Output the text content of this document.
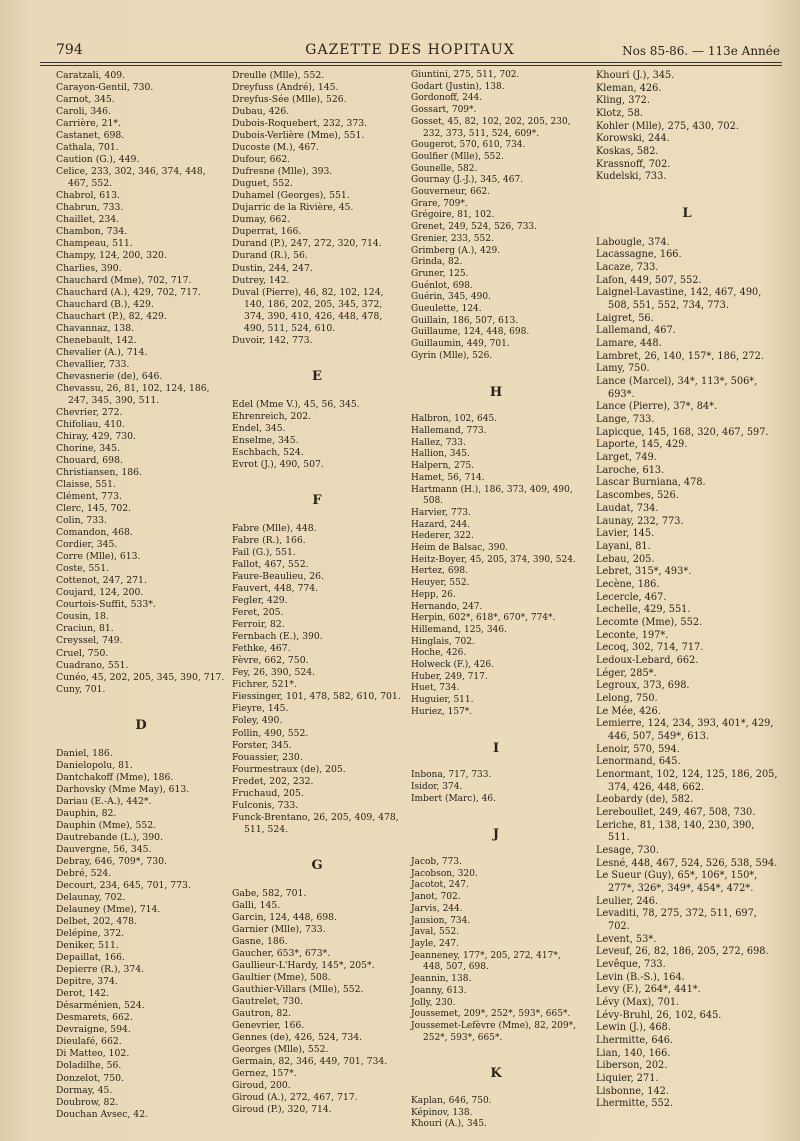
794	GAZETTE DES HOPITAUX	Nos 85-86. — 113e Année
Caratzali, 409.
Carayon-Gentil, 730.
Carnot, 345.
Caroli, 346.
Carrière, 21*.
Castanet, 698.
Cathala, 701.
Caution (G.), 449.
Celice, 233, 302, 346, 374, 448, 467, 552.
Chabrol, 613.
Chabrun, 733.
Chaillet, 234.
Chambon, 734.
Champeau, 511.
Champy, 124, 200, 320.
Charlies, 390.
Chauchard (Mme), 702, 717.
Chauchard (A.), 429, 702, 717.
Chauchard (B.), 429.
Chauchart (P.), 82, 429.
Chavannaz, 138.
Chenebault, 142.
Chevalier (A.), 714.
Chevallier, 733.
Chevasnerie (de), 646.
Chevassu, 26, 81, 102, 124, 186, 247, 345, 390, 511.
Chevrier, 272.
Chifoliau, 410.
Chiray, 429, 730.
Chorine, 345.
Chouard, 698.
Christiansen, 186.
Claisse, 551.
Clément, 773.
Clerc, 145, 702.
Colin, 733.
Comandon, 468.
Cordier, 345.
Corre (Mlle), 613.
Coste, 551.
Cottenot, 247, 271.
Coujard, 124, 200.
Courtois-Suffit, 533*.
Cousin, 18.
Craciun, 81.
Creyssel, 749.
Cruel, 750.
Cuadrano, 551.
Cunéo, 45, 202, 205, 345, 390, 717.
Cuny, 701.
D
Daniel, 186.
Danielopolu, 81.
Dantchakoff (Mme), 186.
Darhovsky (Mme May), 613.
Dariau (E.-A.), 442*.
Dauphin, 82.
Dauphin (Mme), 552.
Dautrebande (L.), 390.
Dauvergne, 56, 345.
Debray, 646, 709*, 730.
Debré, 524.
Decourt, 234, 645, 701, 773.
Delaunay, 702.
Delauney (Mme), 714.
Delbet, 202, 478.
Delépine, 372.
Deniker, 511.
Depaillat, 166.
Depierre (R.), 374.
Depitre, 374.
Derot, 142.
Désarménien, 524.
Desmarets, 662.
Devraigne, 594.
Dieulafé, 662.
Di Matteo, 102.
Doladilhe, 56.
Donzelot, 750.
Dormay, 45.
Doubrow, 82.
Douchan Avsec, 42.
Dreulle (Mlle), 552.
Dreyfuss (André), 145.
Dreyfus-Sée (Mlle), 526.
Dubau, 426.
Dubois-Roquebert, 232, 373.
Dubois-Verlière (Mme), 551.
Ducoste (M.), 467.
Dufour, 662.
Dufresne (Mlle), 393.
Duguet, 552.
Duhamel (Georges), 551.
Dujarric de la Rivière, 45.
Dumay, 662.
Duperrat, 166.
Durand (P.), 247, 272, 320, 714.
Durand (R.), 56.
Dustin, 244, 247.
Dutrey, 142.
Duval (Pierre), 46, 82, 102, 124, 140, 186, 202, 205, 345, 372, 374, 390, 410, 426, 448, 478, 490, 511, 524, 610.
Duvoir, 142, 773.
E
Edel (Mme V.), 45, 56, 345.
Ehrenreich, 202.
Endel, 345.
Enselme, 345.
Eschbach, 524.
Evrot (J.), 490, 507.
F
Fabre (Mlle), 448.
Fabre (R.), 166.
Fail (G.), 551.
Fallot, 467, 552.
Faure-Beaulieu, 26.
Fauvert, 448, 774.
Fegler, 429.
Feret, 205.
Ferroir, 82.
Fernbach (E.), 390.
Fethke, 467.
Fèvre, 662, 750.
Fey, 26, 390, 524.
Fichrer, 521*.
Fiessinger, 101, 478, 582, 610, 701.
Fieyre, 145.
Foley, 490.
Follin, 490, 552.
Forster, 345.
Fouassier, 230.
Fourmestraux (de), 205.
Fredet, 202, 232.
Fruchaud, 205.
Fulconis, 733.
Funck-Brentano, 26, 205, 409, 478, 511, 524.
G
Gabe, 582, 701.
Galli, 145.
Garcin, 124, 448, 698.
Garnier (Mlle), 733.
Gasne, 186.
Gaucher, 653*, 673*.
Gaullieur-L'Hardy, 145*, 205*.
Gaultier (Mme), 508.
Gauthier-Villars (Mlle), 552.
Gautrelet, 730.
Gautron, 82.
Genevrier, 166.
Gennes (de), 426, 524, 734.
Georges (Mlle), 552.
Germain, 82, 346, 449, 701, 734.
Gernez, 157*.
Giroud, 200.
Giroud (A.), 272, 467, 717.
Giroud (P.), 320, 714.
Giuntini, 275, 511, 702.
Godart (Justin), 138.
Gordonoff, 244.
Gossart, 709*.
Gosset, 45, 82, 102, 202, 205, 230, 232, 373, 511, 524, 609*.
Gougerot, 570, 610, 734.
Goulfier (Mlle), 552.
Gounelle, 582.
Gournay (J.-J.), 345, 467.
Gouverneur, 662.
Grare, 709*.
Grégoire, 81, 102.
Grenet, 249, 524, 526, 733.
Grenier, 233, 552.
Grimberg (A.), 429.
Grinda, 82.
Gruner, 125.
Guénlot, 698.
Guérin, 345, 490.
Gueulette, 124.
Guillain, 186, 507, 613.
Guillaume, 124, 448, 698.
Guillaumin, 449, 701.
Gyrin (Mlle), 526.
H
Halbron, 102, 645.
Hallemand, 773.
Hallez, 733.
Hallion, 345.
Halpern, 275.
Hamet, 56, 714.
Hartmann (H.), 186, 373, 409, 490, 508.
Harvier, 773.
Hazard, 244.
Hederer, 322.
Heim de Balsac, 390.
Heitz-Boyer, 45, 205, 374, 390, 524.
Hertez, 698.
Heuyer, 552.
Hepp, 26.
Hernando, 247.
Herpin, 602*, 618*, 670*, 774*.
Hillemand, 125, 346.
Hinglais, 702.
Hoche, 426.
Holweck (F.), 426.
Huber, 249, 717.
Huet, 734.
Huguier, 511.
Huriez, 157*.
I
Inbona, 717, 733.
Isidor, 374.
Imbert (Marc), 46.
J
Jacob, 773.
Jacobson, 320.
Jacotot, 247.
Janot, 702.
Jarvis, 244.
Jausion, 734.
Javal, 552.
Jayle, 247.
Jeanneney, 177*, 205, 272, 417*, 448, 507, 698.
Jeannin, 138.
Joanny, 613.
Jolly, 230.
Joussemet, 209*, 252*, 593*, 665*.
Joussemet-Lefèvre (Mme), 82, 209*, 252*, 593*, 665*.
K
Kaplan, 646, 750.
Képinov, 138.
Khouri (A.), 345.
Khouri (J.), 345.
Kleman, 426.
Kling, 372.
Klotz, 58.
Kohler (Mlle), 275, 430, 702.
Korowski, 244.
Koskas, 582.
Krassnoff, 702.
Kudelski, 733.
L
Labougle, 374.
Lacassagne, 166.
Lacaze, 733.
Lafon, 449, 507, 552.
Laignel-Lavastine, 142, 467, 490, 508, 551, 552, 734, 773.
Laigret, 56.
Lallemand, 467.
Lamare, 448.
Lambret, 26, 140, 157*, 186, 272.
Lamy, 750.
Lance (Marcel), 34*, 113*, 506*, 693*.
Lance (Pierre), 37*, 84*.
Lange, 733.
Lapicque, 145, 168, 320, 467, 597.
Laporte, 145, 429.
Larget, 749.
Laroche, 613.
Lascar Burniana, 478.
Lascombes, 526.
Laudat, 734.
Launay, 232, 773.
Lavier, 145.
Layani, 81.
Lebau, 205.
Lebret, 315*, 493*.
Lecène, 186.
Lecercle, 467.
Lechelle, 429, 551.
Lecomte (Mme), 552.
Leconte, 197*.
Lecoq, 302, 714, 717.
Ledoux-Lebard, 662.
Léger, 285*.
Legroux, 373, 698.
Lelong, 750.
Le Mée, 426.
Lemierre, 124, 234, 393, 401*, 429, 446, 507, 549*, 613.
Lenoir, 570, 594.
Lenormand, 645.
Lenormant, 102, 124, 125, 186, 205, 374, 426, 448, 662.
Leobardy (de), 582.
Lereboullet, 249, 467, 508, 730.
Leriche, 81, 138, 140, 230, 390, 511.
Lesage, 730.
Lesné, 448, 467, 524, 526, 538, 594.
Le Sueur (Guy), 65*, 106*, 150*, 277*, 326*, 349*, 454*, 472*.
Leulier, 246.
Levaditi, 78, 275, 372, 511, 697, 702.
Levent, 53*.
Leveuf, 26, 82, 186, 205, 272, 698.
Levêque, 733.
Levin (B.-S.), 164.
Levy (F.), 264*, 441*.
Lévy (Max), 701.
Lévy-Bruhl, 26, 102, 645.
Lewin (J.), 468.
Lhermitte, 646.
Lian, 140, 166.
Liberson, 202.
Liquier, 271.
Lisbonne, 142.
Lhermitte, 552.
